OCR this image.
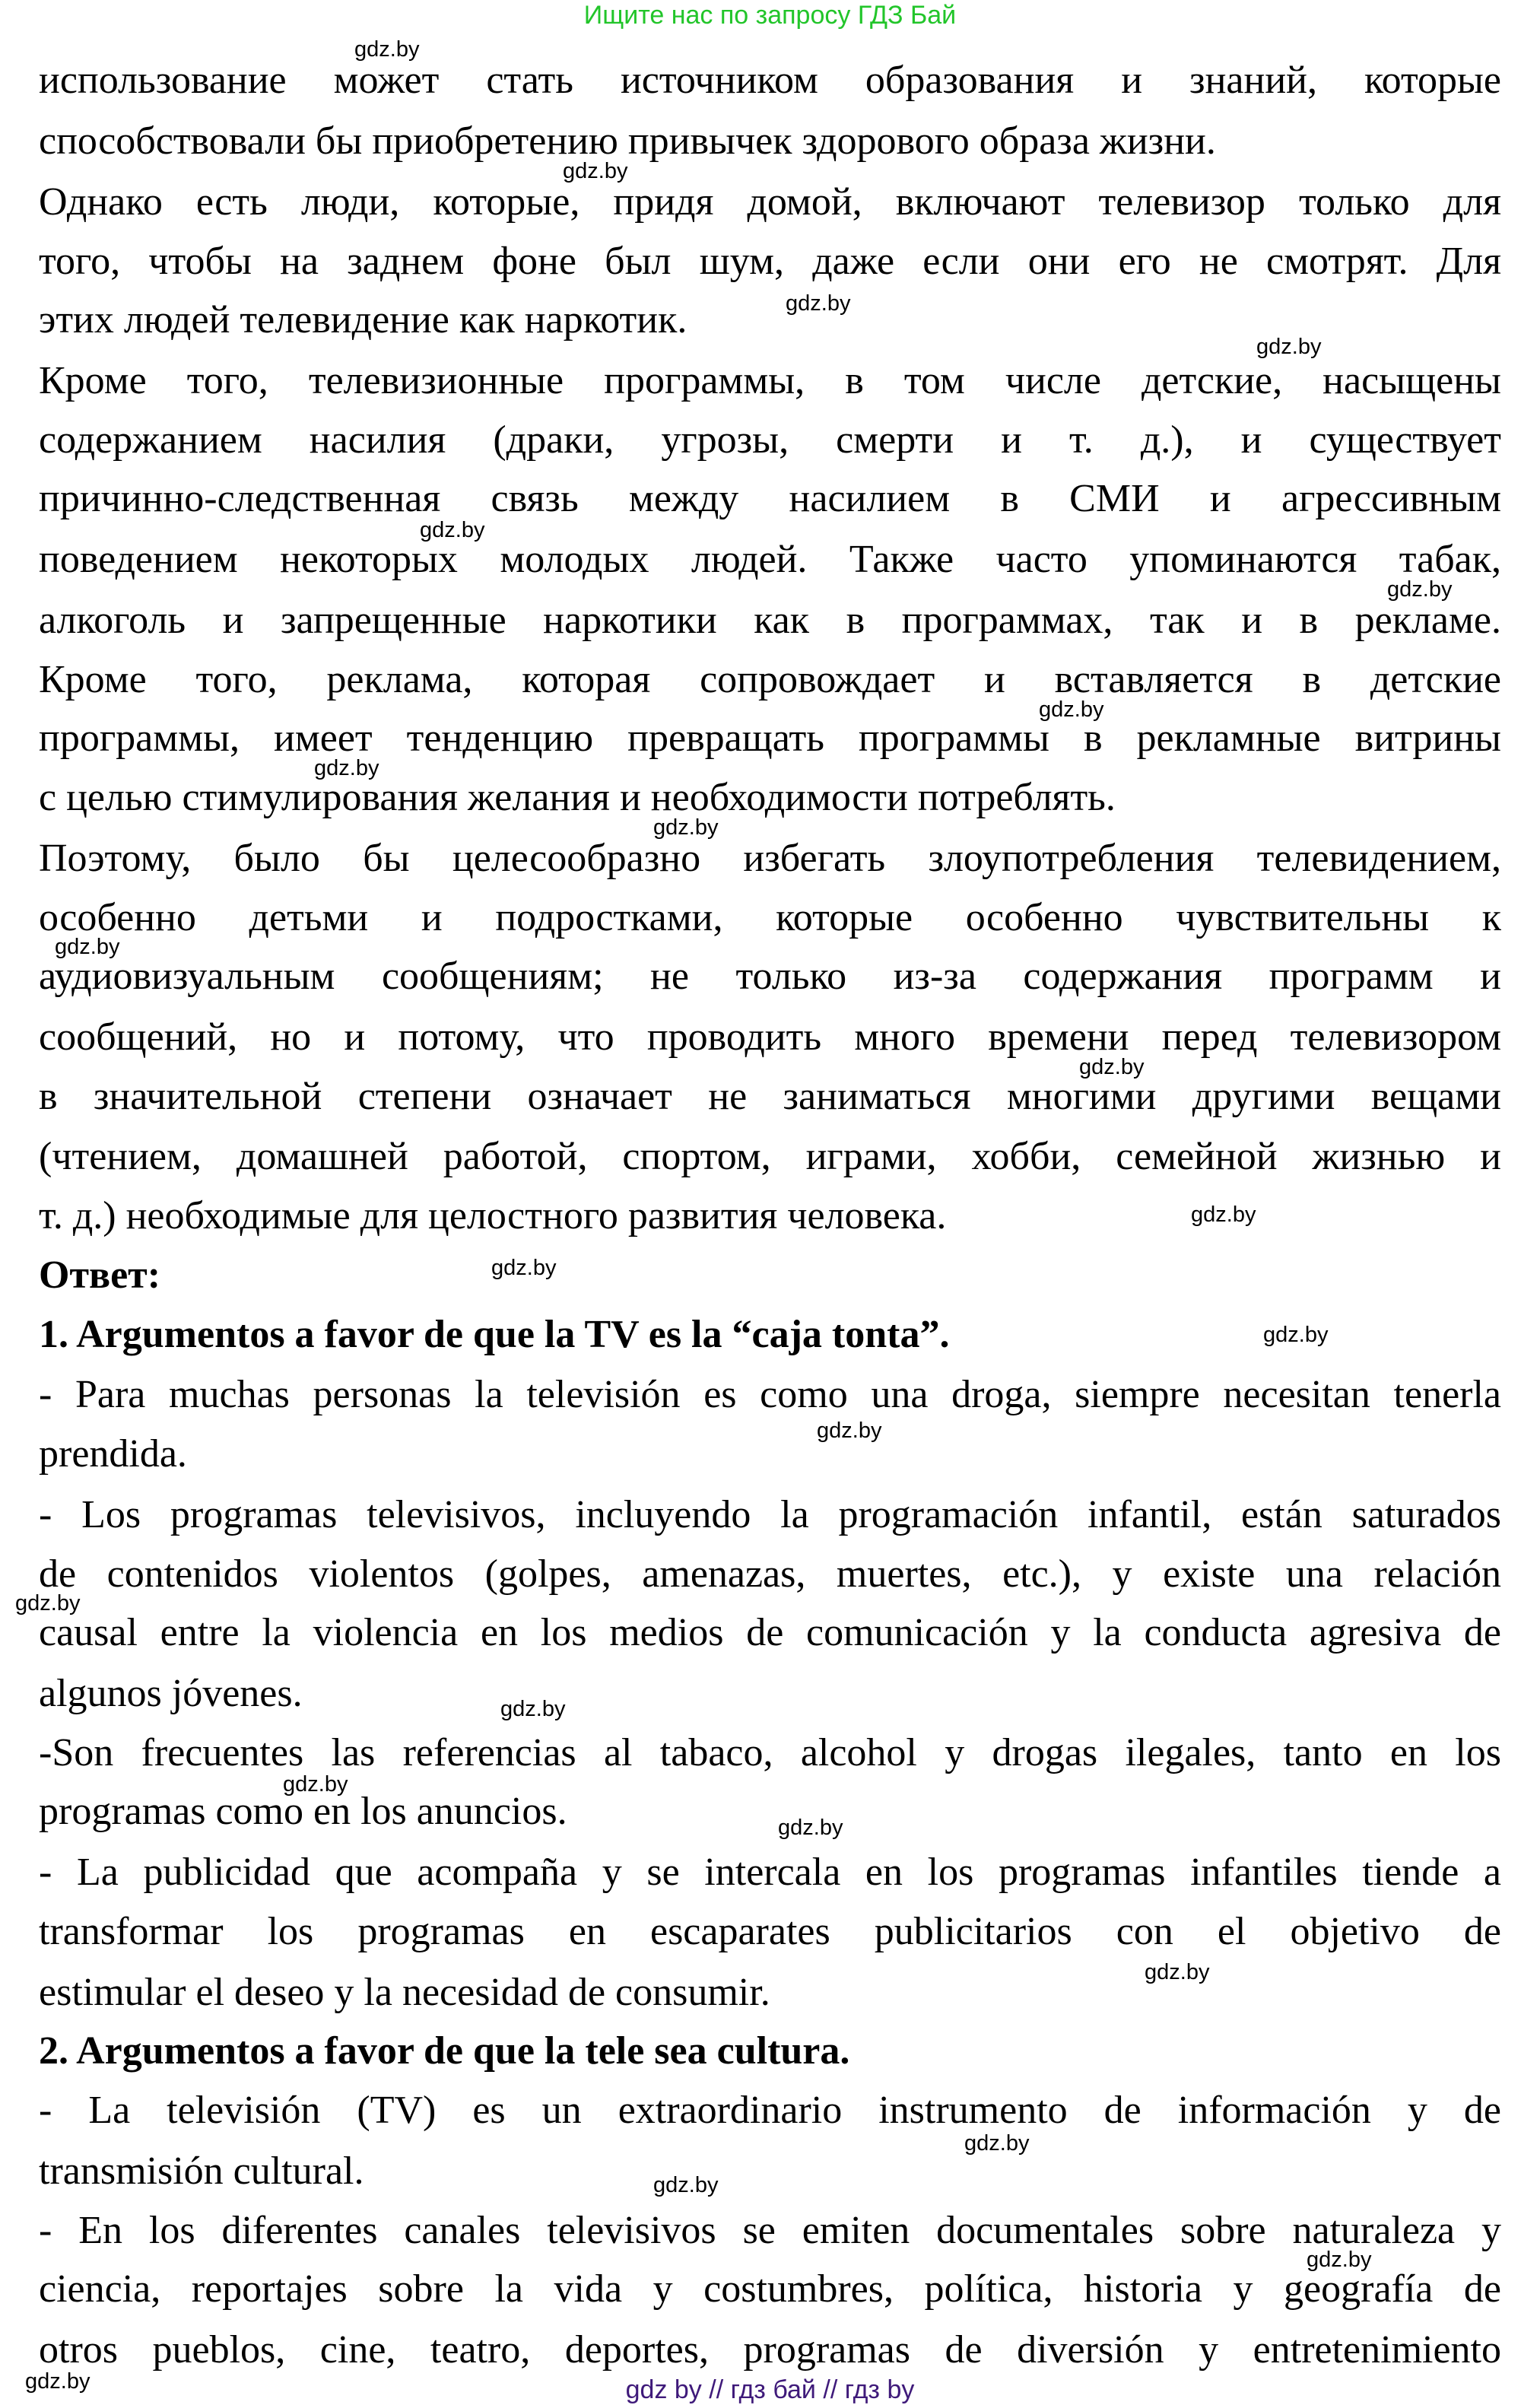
Ищите нас по запросу ГДЗ Бай
использование может стать источником образования и знаний, которые
способствовали бы приобретению привычек здорового образа жизни.
Однако есть люди, которые, придя домой, включают телевизор только для
того, чтобы на заднем фоне был шум, даже если они его не смотрят. Для
этих людей телевидение как наркотик.
Кроме того, телевизионные программы, в том числе детские, насыщены
содержанием насилия (драки, угрозы, смерти и т. д.), и существует
причинно-следственная связь между насилием в СМИ и агрессивным
поведением некоторых молодых людей. Также часто упоминаются табак,
алкоголь и запрещенные наркотики как в программах, так и в рекламе.
Кроме того, реклама, которая сопровождает и вставляется в детские
программы, имеет тенденцию превращать программы в рекламные витрины
с целью стимулирования желания и необходимости потреблять.
Поэтому, было бы целесообразно избегать злоупотребления телевидением,
особенно детьми и подростками, которые особенно чувствительны к
аудиовизуальным сообщениям; не только из-за содержания программ и
сообщений, но и потому, что проводить много времени перед телевизором
в значительной степени означает не заниматься многими другими вещами
(чтением, домашней работой, спортом, играми, хобби, семейной жизнью и
т. д.) необходимые для целостного развития человека.
Ответ:
1. Argumentos a favor de que la TV es la “caja tonta”.
- Para muchas personas la televisión es como una droga, siempre necesitan tenerla
prendida.
- Los programas televisivos, incluyendo la programación infantil, están saturados
de contenidos violentos (golpes, amenazas, muertes, etc.), y existe una relación
causal entre la violencia en los medios de comunicación y la conducta agresiva de
algunos jóvenes.
-Son frecuentes las referencias al tabaco, alcohol y drogas ilegales, tanto en los
programas como en los anuncios.
- La publicidad que acompaña y se intercala en los programas infantiles tiende a
transformar los programas en escaparates publicitarios con el objetivo de
estimular el deseo y la necesidad de consumir.
2. Argumentos a favor de que la tele sea cultura.
- La televisión (TV) es un extraordinario instrumento de información y de
transmisión cultural.
- En los diferentes canales televisivos se emiten documentales sobre naturaleza y
ciencia, reportajes sobre la vida y costumbres, política, historia y geografía de
otros pueblos, cine, teatro, deportes, programas de diversión y entretenimiento
gdz.by
gdz.by
gdz.by
gdz.by
gdz.by
gdz.by
gdz.by
gdz.by
gdz.by
gdz.by
gdz.by
gdz.by
gdz.by
gdz.by
gdz.by
gdz.by
gdz.by
gdz.by
gdz.by
gdz.by
gdz.by
gdz.by
gdz.by
gdz.by	gdz by // гдз бай // гдз by
